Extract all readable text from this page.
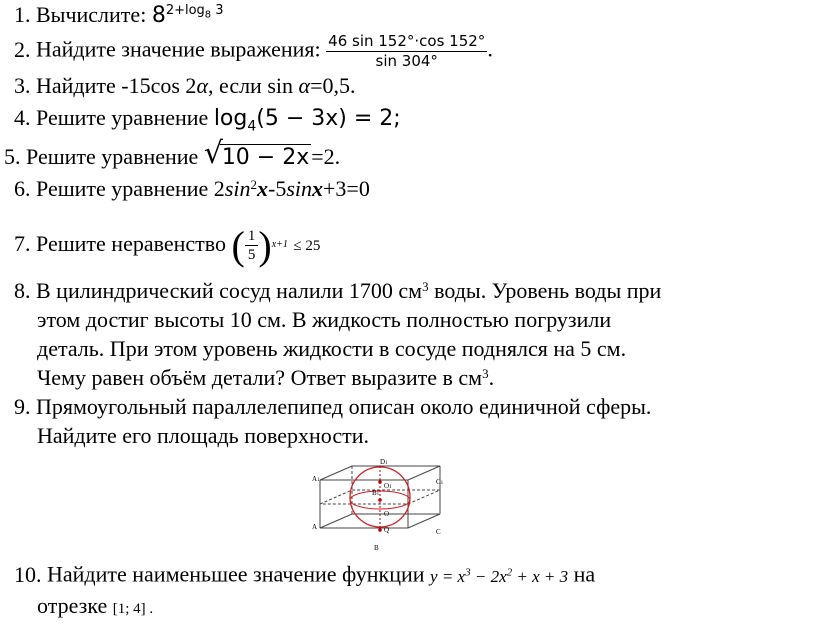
1. Вычислите: $8^{2+log_8 3}$
2. Найдите значение выражения: $\frac{46 \sin 152^\circ\cdot\cos 152^\circ}{\sin 304^\circ}$ .
3. Найдите -15cos 2α, если sin α=0,5.
4. Решите уравнение $\log_4(5 - 3x) = 2$;
5. Решите уравнение √
10 − 2x=2.
6. Решите уравнение $2\sin^2x-5\sin x+3=0$
7. Решите неравенство ( $\frac{1}{5}$ ) x+1 ≤ 25
8. В цилиндрический сосуд налили 1700 $см^3$ воды. Уровень воды при
этом достиг высоты 10 см. В жидкость полностью погрузили
деталь. При этом уровень жидкости в сосуде поднялся на 5 см.
Чему равен объём детали? Ответ выразите в $см^3$.
9. Прямоугольный параллелепипед описан около единичной сферы.
Найдите его площадь поверхности.
D1
C1
A1
B1
A
B
C
O1
O
Q
10. Найдите наименьшее значение функции $y = x^3 - 2x^2 + x + 3$ на
отрезке [1; 4] .
